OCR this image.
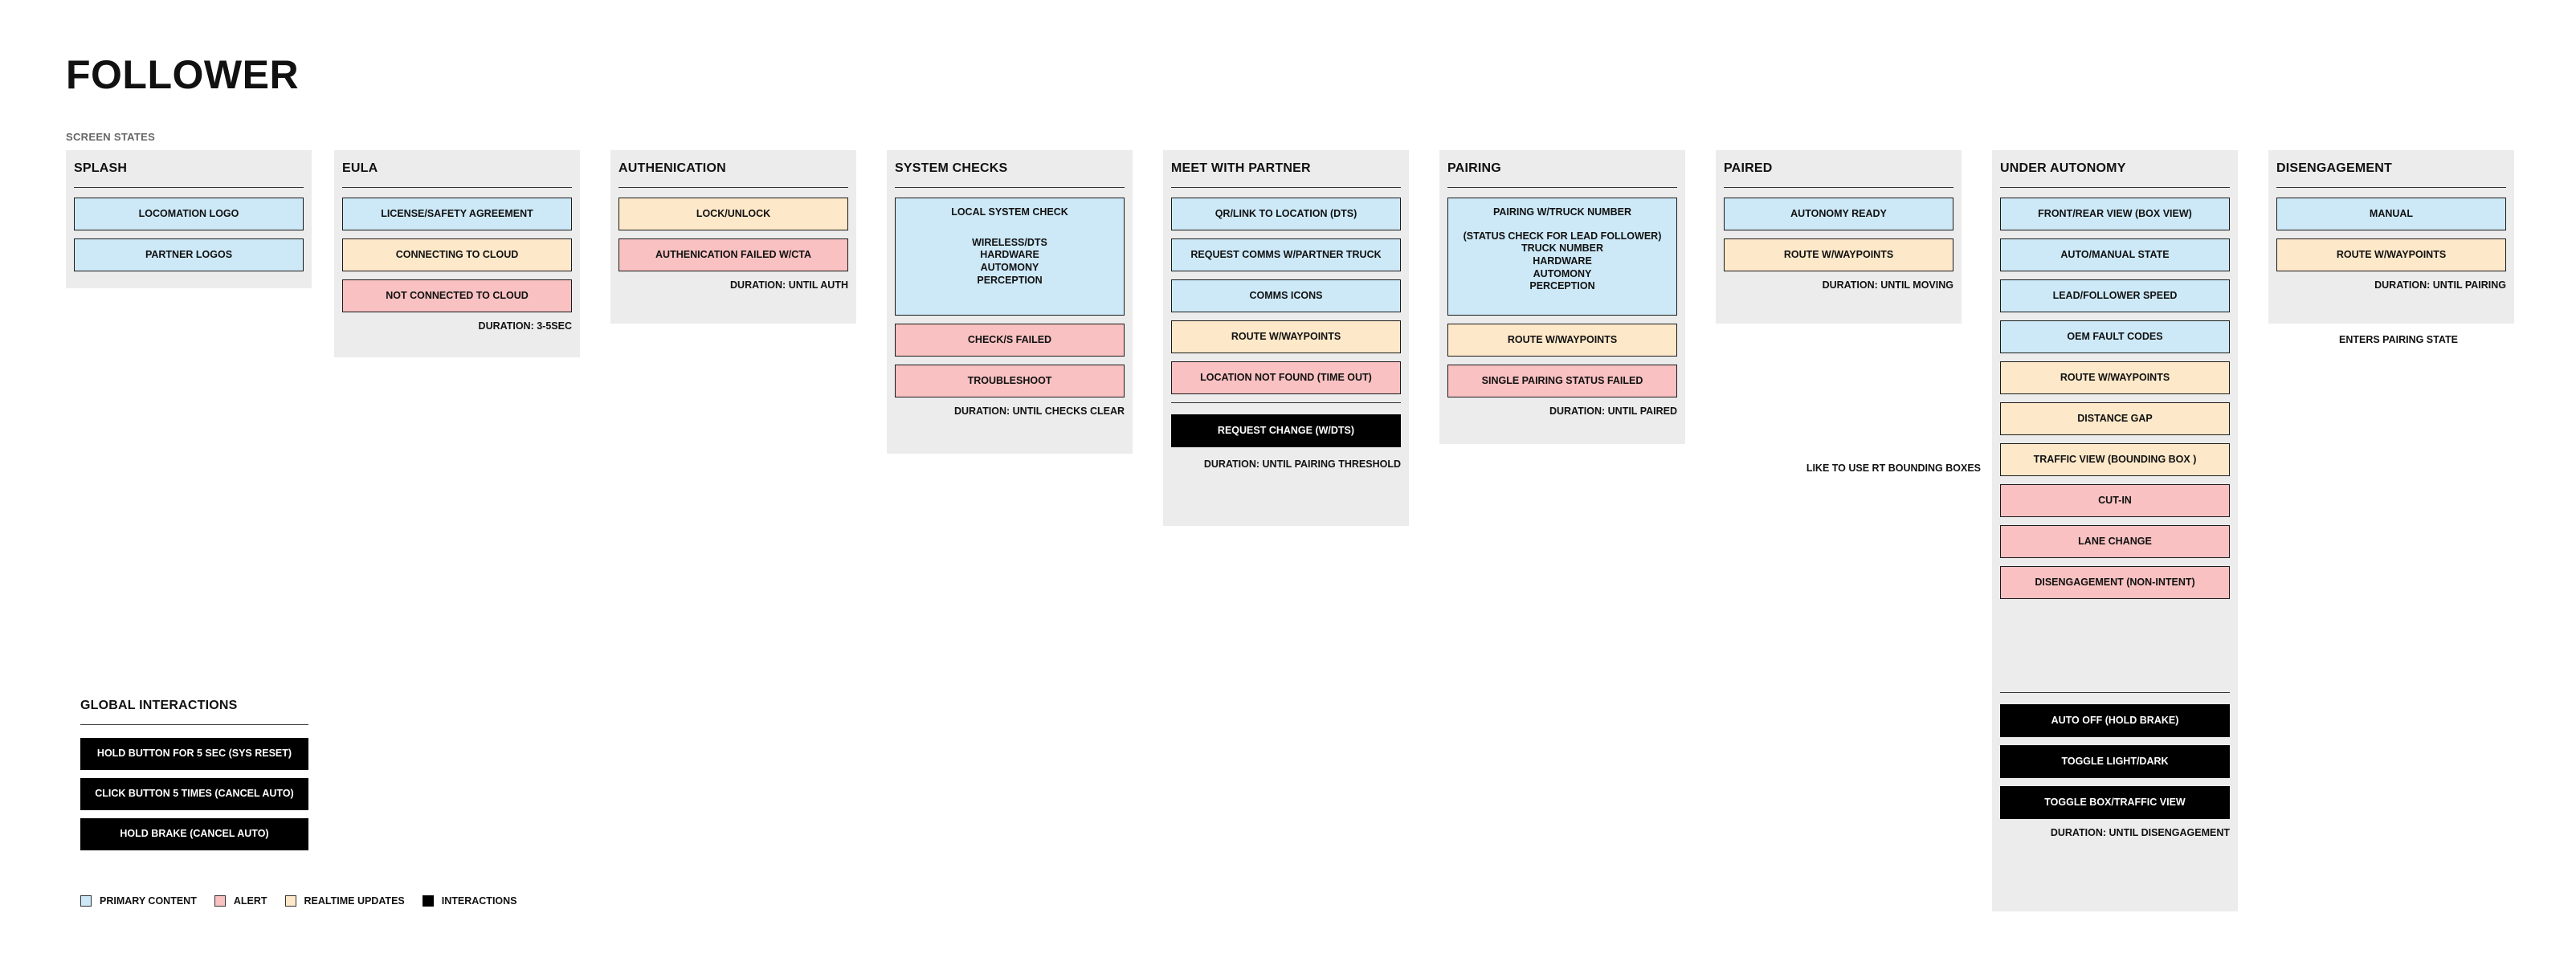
FOLLOWER
SCREEN STATES
SPLASH
LOCOMATION LOGO
PARTNER LOGOS
EULA
LICENSE/SAFETY AGREEMENT
CONNECTING TO CLOUD
NOT CONNECTED TO CLOUD
DURATION: 3-5SEC
AUTHENICATION
LOCK/UNLOCK
AUTHENICATION FAILED W/CTA
DURATION: UNTIL AUTH
SYSTEM CHECKS
LOCAL SYSTEM CHECK
WIRELESS/DTS
HARDWARE
AUTOMONY
PERCEPTION
CHECK/S FAILED
TROUBLESHOOT
DURATION: UNTIL CHECKS CLEAR
MEET WITH PARTNER
QR/LINK TO LOCATION (DTS)
REQUEST COMMS W/PARTNER TRUCK
COMMS ICONS
ROUTE W/WAYPOINTS
LOCATION NOT FOUND (TIME OUT)
REQUEST CHANGE (W/DTS)
DURATION: UNTIL PAIRING THRESHOLD
PAIRING
PAIRING W/TRUCK NUMBER
(STATUS CHECK FOR LEAD FOLLOWER)
TRUCK NUMBER
HARDWARE
AUTOMONY
PERCEPTION
ROUTE W/WAYPOINTS
SINGLE PAIRING STATUS FAILED
DURATION: UNTIL PAIRED
PAIRED
AUTONOMY READY
ROUTE W/WAYPOINTS
DURATION: UNTIL MOVING
LIKE TO USE RT BOUNDING BOXES
UNDER AUTONOMY
FRONT/REAR VIEW (BOX VIEW)
AUTO/MANUAL STATE
LEAD/FOLLOWER SPEED
OEM FAULT CODES
ROUTE W/WAYPOINTS
DISTANCE GAP
TRAFFIC VIEW (BOUNDING BOX )
CUT-IN
LANE CHANGE
DISENGAGEMENT (NON-INTENT)
AUTO OFF (HOLD BRAKE)
TOGGLE LIGHT/DARK
TOGGLE BOX/TRAFFIC VIEW
DURATION: UNTIL DISENGAGEMENT
DISENGAGEMENT
MANUAL
ROUTE W/WAYPOINTS
DURATION: UNTIL PAIRING
ENTERS PAIRING STATE
GLOBAL INTERACTIONS
HOLD BUTTON FOR 5 SEC (SYS RESET)
CLICK BUTTON 5 TIMES (CANCEL AUTO)
HOLD BRAKE (CANCEL AUTO)
PRIMARY CONTENT	ALERT	REALTIME UPDATES	INTERACTIONS
